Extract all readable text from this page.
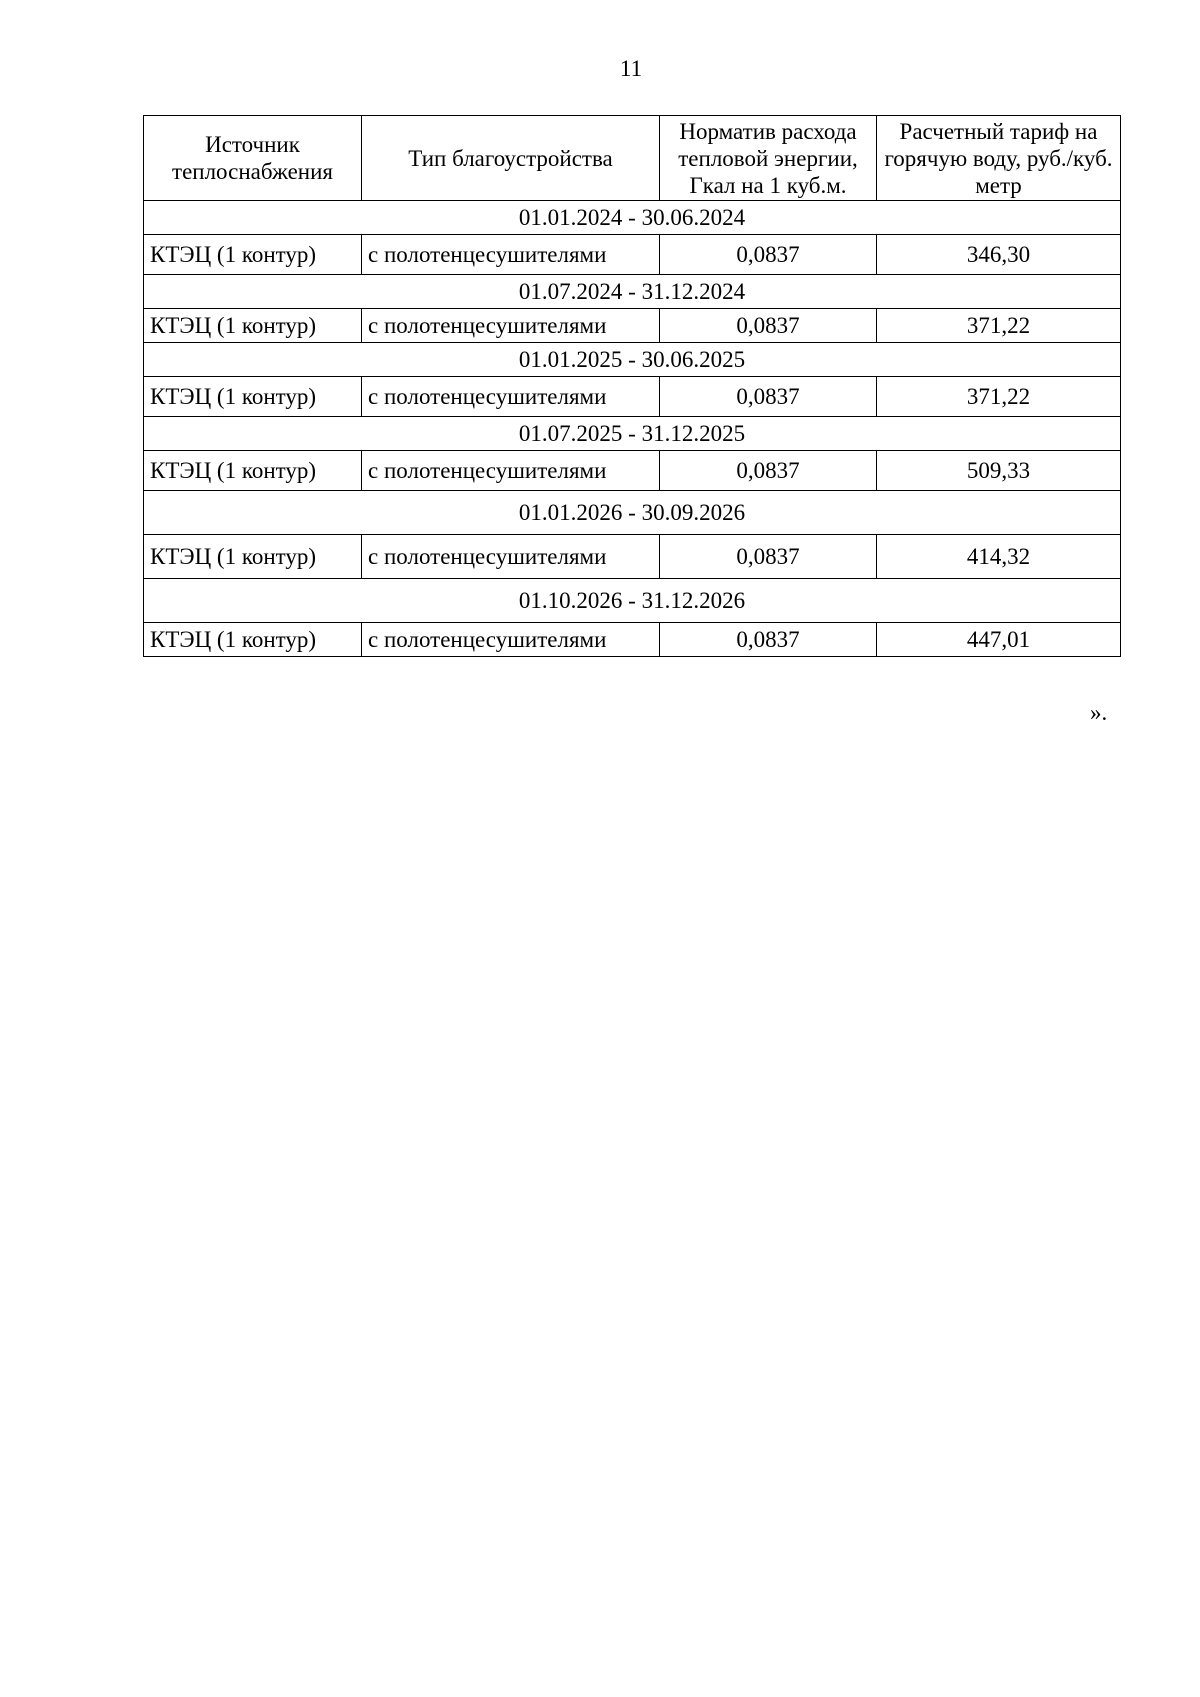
11
Источник теплоснабжения	Тип благоустройства	Норматив расхода тепловой энергии, Гкал на 1 куб.м.	Расчетный тариф на горячую воду, руб./куб. метр
01.01.2024 - 30.06.2024			
КТЭЦ (1 контур)	с полотенцесушителями	0,0837	346,30
01.07.2024 - 31.12.2024			
КТЭЦ (1 контур)	с полотенцесушителями	0,0837	371,22
01.01.2025 - 30.06.2025			
КТЭЦ (1 контур)	с полотенцесушителями	0,0837	371,22
01.07.2025 - 31.12.2025			
КТЭЦ (1 контур)	с полотенцесушителями	0,0837	509,33
01.01.2026 - 30.09.2026			
КТЭЦ (1 контур)	с полотенцесушителями	0,0837	414,32
01.10.2026 - 31.12.2026			
КТЭЦ (1 контур)	с полотенцесушителями	0,0837	447,01
».
